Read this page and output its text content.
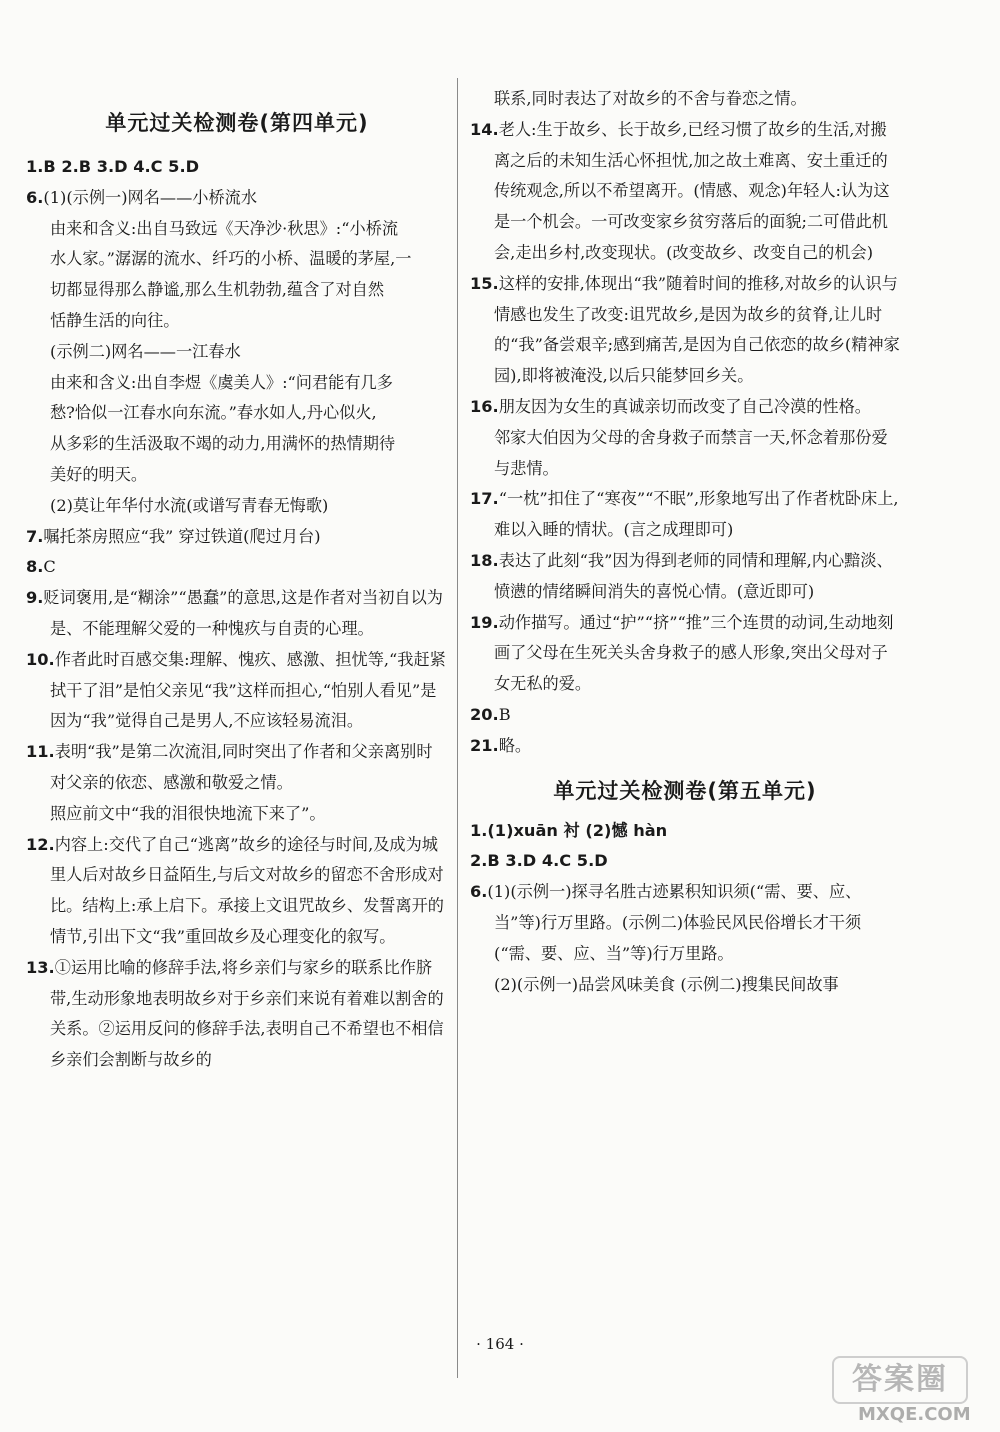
单元过关检测卷(第四单元)
1.B 2.B 3.D 4.C 5.D
6.(1)(示例一)网名——小桥流水
由来和含义:出自马致远《天净沙·秋思》:“小桥流
水人家。”潺潺的流水、纤巧的小桥、温暖的茅屋,一
切都显得那么静谧,那么生机勃勃,蕴含了对自然
恬静生活的向往。
(示例二)网名——一江春水
由来和含义:出自李煜《虞美人》:“问君能有几多
愁?恰似一江春水向东流。”春水如人,丹心似火,
从多彩的生活汲取不竭的动力,用满怀的热情期待
美好的明天。
(2)莫让年华付水流(或谱写青春无悔歌)
7.嘱托茶房照应“我” 穿过铁道(爬过月台)
8.C
9.贬词褒用,是“糊涂”“愚蠢”的意思,这是作者对当初自以为是、不能理解父爱的一种愧疚与自责的心理。
10.作者此时百感交集:理解、愧疚、感激、担忧等,“我赶紧拭干了泪”是怕父亲见“我”这样而担心,“怕别人看见”是因为“我”觉得自己是男人,不应该轻易流泪。
11.表明“我”是第二次流泪,同时突出了作者和父亲离别时对父亲的依恋、感激和敬爱之情。
照应前文中“我的泪很快地流下来了”。
12.内容上:交代了自己“逃离”故乡的途径与时间,及成为城里人后对故乡日益陌生,与后文对故乡的留恋不舍形成对比。结构上:承上启下。承接上文诅咒故乡、发誓离开的情节,引出下文“我”重回故乡及心理变化的叙写。
13.①运用比喻的修辞手法,将乡亲们与家乡的联系比作脐带,生动形象地表明故乡对于乡亲们来说有着难以割舍的关系。②运用反问的修辞手法,表明自己不希望也不相信乡亲们会割断与故乡的
联系,同时表达了对故乡的不舍与眷恋之情。
14.老人:生于故乡、长于故乡,已经习惯了故乡的生活,对搬离之后的未知生活心怀担忧,加之故土难离、安土重迁的传统观念,所以不希望离开。(情感、观念)年轻人:认为这是一个机会。一可改变家乡贫穷落后的面貌;二可借此机会,走出乡村,改变现状。(改变故乡、改变自己的机会)
15.这样的安排,体现出“我”随着时间的推移,对故乡的认识与情感也发生了改变:诅咒故乡,是因为故乡的贫脊,让儿时的“我”备尝艰辛;感到痛苦,是因为自己依恋的故乡(精神家园),即将被淹没,以后只能梦回乡关。
16.朋友因为女生的真诚亲切而改变了自己冷漠的性格。
邻家大伯因为父母的舍身救子而禁言一天,怀念着那份爱与悲情。
17.“一枕”扣住了“寒夜”“不眠”,形象地写出了作者枕卧床上,难以入睡的情状。(言之成理即可)
18.表达了此刻“我”因为得到老师的同情和理解,内心黯淡、愤懑的情绪瞬间消失的喜悦心情。(意近即可)
19.动作描写。通过“护”“挤”“推”三个连贯的动词,生动地刻画了父母在生死关头舍身救子的感人形象,突出父母对子女无私的爱。
20.B
21.略。
单元过关检测卷(第五单元)
1.(1)xuān 衬 (2)憾 hàn
2.B 3.D 4.C 5.D
6.(1)(示例一)探寻名胜古迹累积知识须(“需、要、应、当”等)行万里路。(示例二)体验民风民俗增长才干须(“需、要、应、当”等)行万里路。
(2)(示例一)品尝风味美食 (示例二)搜集民间故事
· 164 ·
答案圈
MXQE.COM
